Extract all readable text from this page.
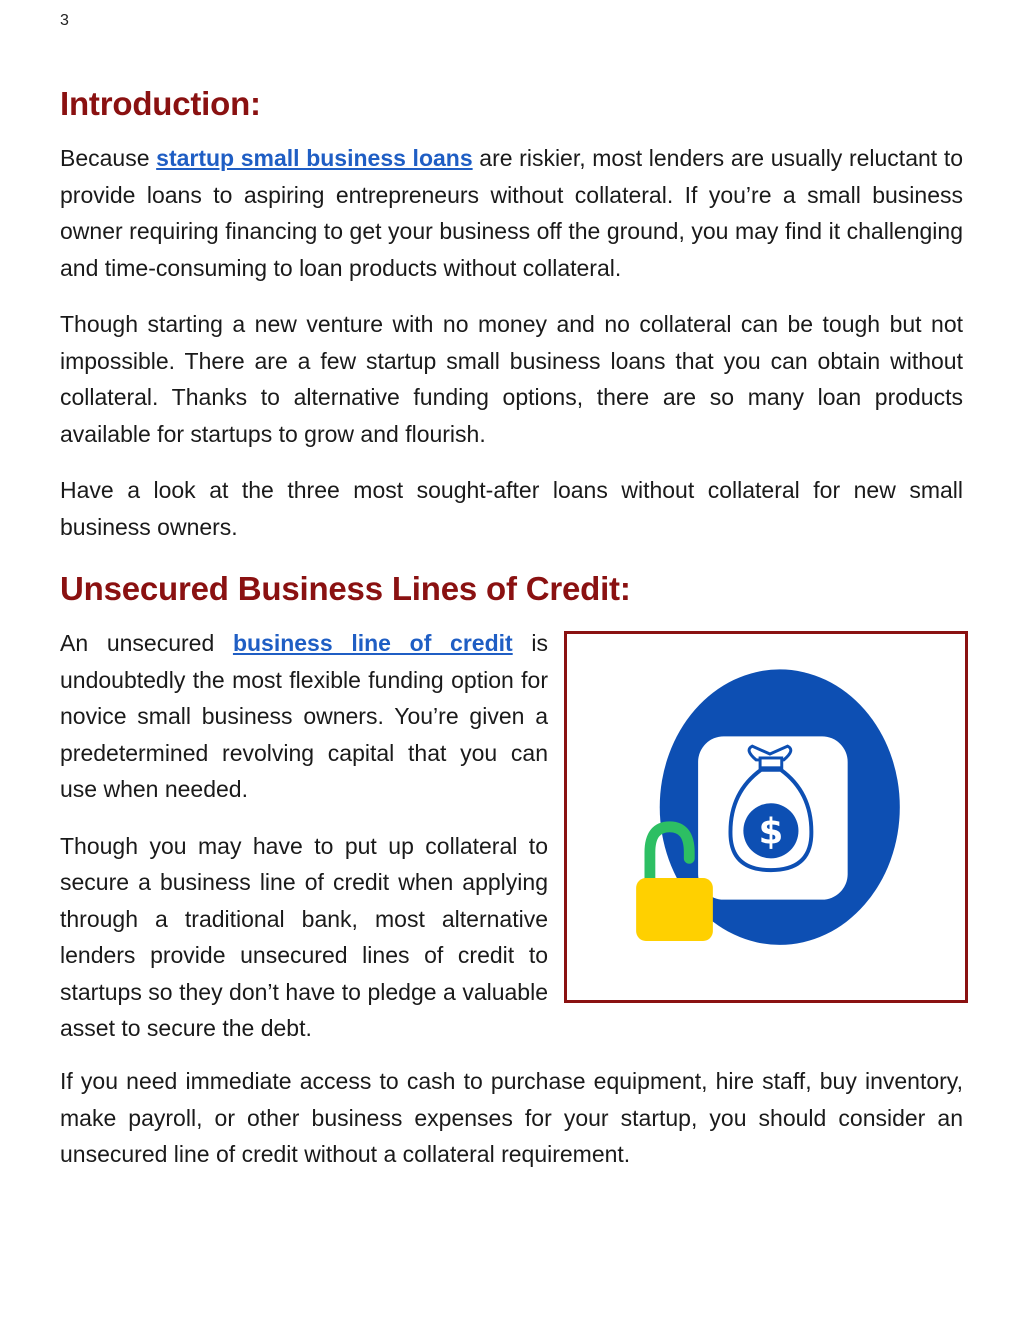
3
Introduction:

Because startup small business loans are riskier, most lenders are usually reluctant to provide loans to aspiring entrepreneurs without collateral. If you’re a small business owner requiring financing to get your business off the ground, you may find it challenging and time-consuming to loan products without collateral.

Though starting a new venture with no money and no collateral can be tough but not impossible. There are a few startup small business loans that you can obtain without collateral. Thanks to alternative funding options, there are so many loan products available for startups to grow and flourish.

Have a look at the three most sought-after loans without collateral for new small business owners.

Unsecured Business Lines of Credit:

An unsecured business line of credit is undoubtedly the most flexible funding option for novice small business owners. You’re given a predetermined revolving capital that you can use when needed.

Though you may have to put up collateral to secure a business line of credit when applying through a traditional bank, most alternative lenders provide unsecured lines of credit to startups so they don’t have to pledge a valuable asset to secure the debt.

$

If you need immediate access to cash to purchase equipment, hire staff, buy inventory, make payroll, or other business expenses for your startup, you should consider an unsecured line of credit without a collateral requirement.
